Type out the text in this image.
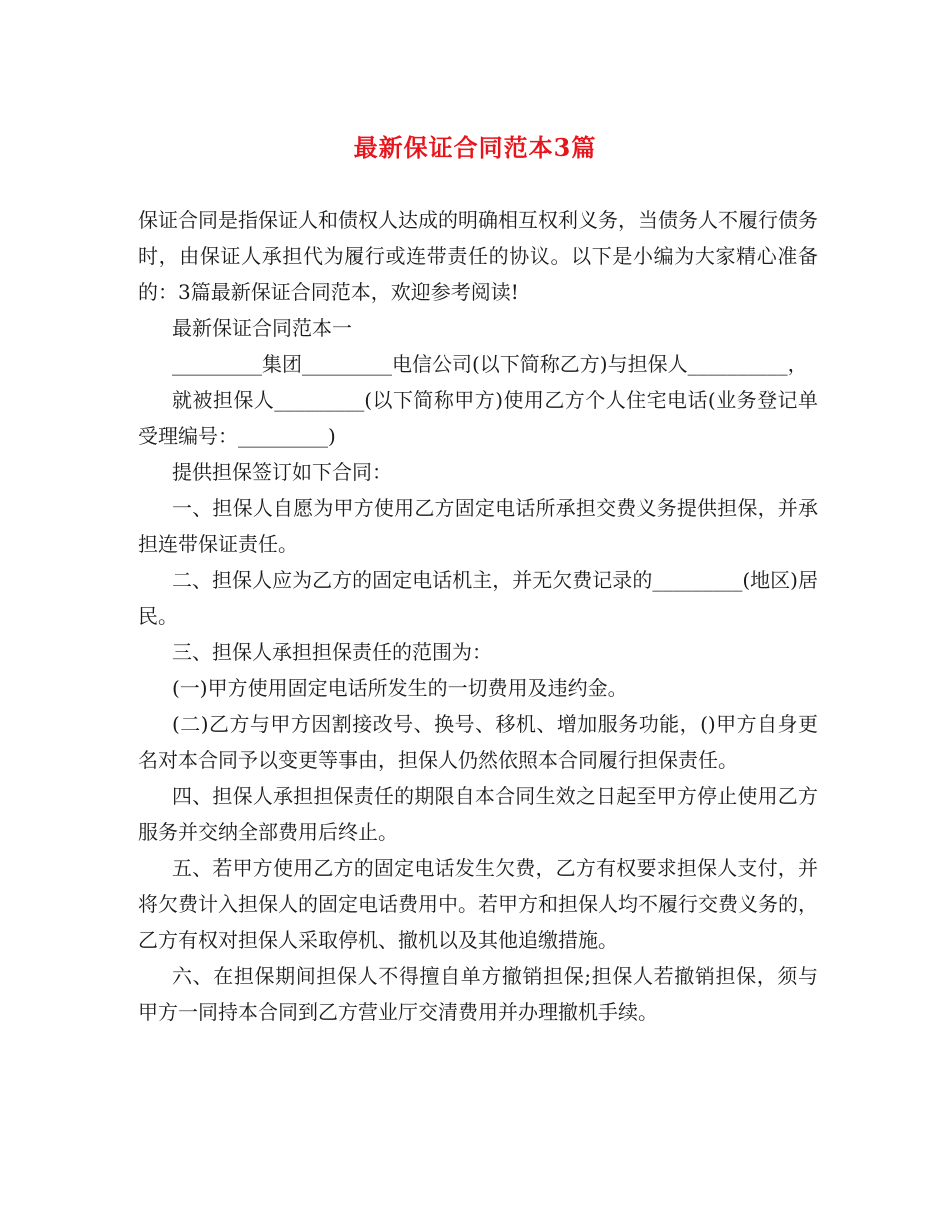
最新保证合同范本3篇

保证合同是指保证人和债权人达成的明确相互权利义务，当债务人不履行债务时，由保证人承担代为履行或连带责任的协议。以下是小编为大家精心准备的：3篇最新保证合同范本，欢迎参考阅读!

最新保证合同范本一

_________集团_________电信公司(以下简称乙方)与担保人__________，

就被担保人_________(以下简称甲方)使用乙方个人住宅电话(业务登记单受理编号：_________)

提供担保签订如下合同：

一、担保人自愿为甲方使用乙方固定电话所承担交费义务提供担保，并承担连带保证责任。

二、担保人应为乙方的固定电话机主，并无欠费记录的_________(地区)居民。

三、担保人承担担保责任的范围为：

(一)甲方使用固定电话所发生的一切费用及违约金。

(二)乙方与甲方因割接改号、换号、移机、增加服务功能，()甲方自身更名对本合同予以变更等事由，担保人仍然依照本合同履行担保责任。

四、担保人承担担保责任的期限自本合同生效之日起至甲方停止使用乙方服务并交纳全部费用后终止。

五、若甲方使用乙方的固定电话发生欠费，乙方有权要求担保人支付，并将欠费计入担保人的固定电话费用中。若甲方和担保人均不履行交费义务的，乙方有权对担保人采取停机、撤机以及其他追缴措施。

六、在担保期间担保人不得擅自单方撤销担保;担保人若撤销担保，须与甲方一同持本合同到乙方营业厅交清费用并办理撤机手续。
